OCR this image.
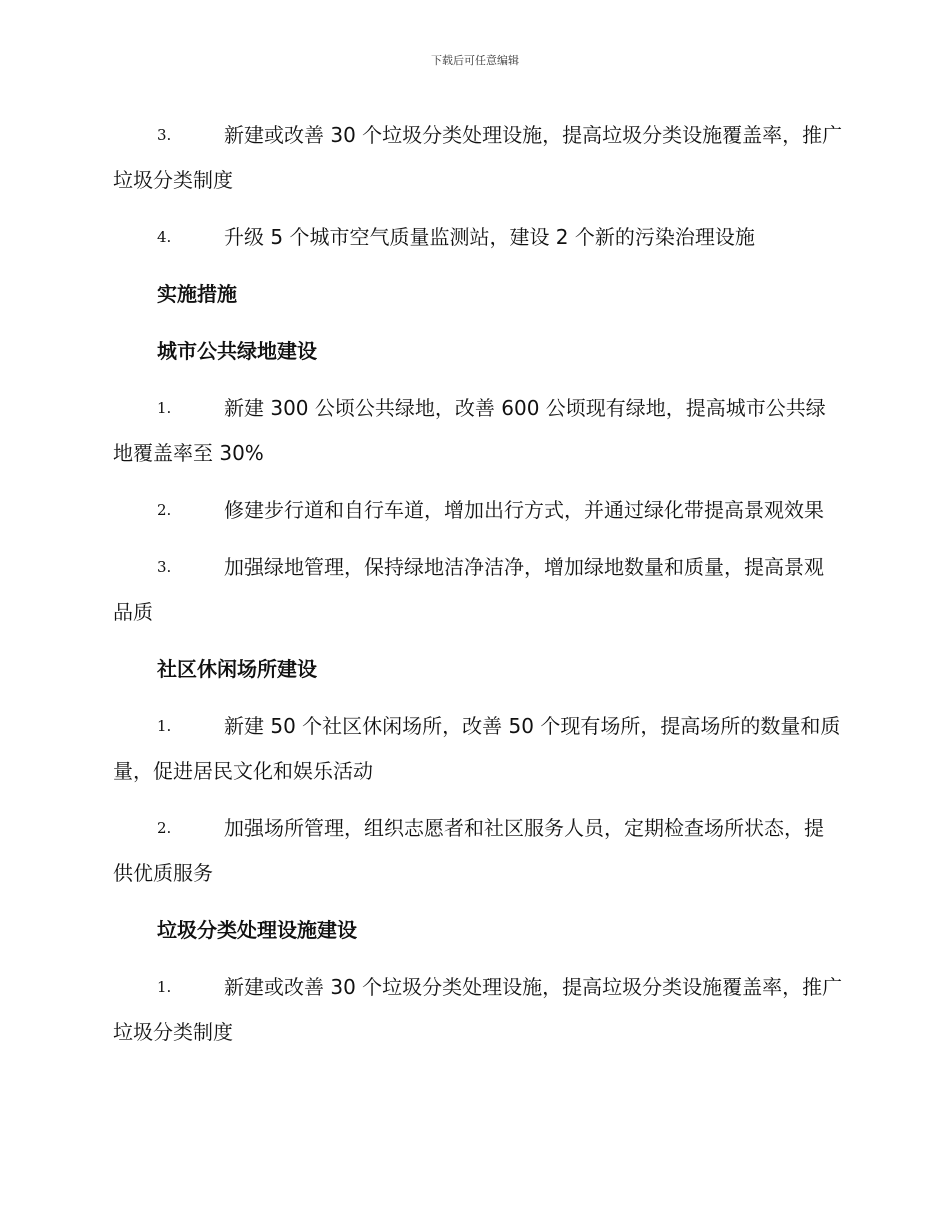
下载后可任意编辑
3.	新建或改善 30 个垃圾分类处理设施，提高垃圾分类设施覆盖率，推广垃圾分类制度
4.	升级 5 个城市空气质量监测站，建设 2 个新的污染治理设施
实施措施
城市公共绿地建设
1.	新建 300 公顷公共绿地，改善 600 公顷现有绿地，提高城市公共绿地覆盖率至 30%
2.	修建步行道和自行车道，增加出行方式，并通过绿化带提高景观效果
3.	加强绿地管理，保持绿地洁净洁净，增加绿地数量和质量，提高景观品质
社区休闲场所建设
1.	新建 50 个社区休闲场所，改善 50 个现有场所，提高场所的数量和质量，促进居民文化和娱乐活动
2.	加强场所管理，组织志愿者和社区服务人员，定期检查场所状态，提供优质服务
垃圾分类处理设施建设
1.	新建或改善 30 个垃圾分类处理设施，提高垃圾分类设施覆盖率，推广垃圾分类制度
